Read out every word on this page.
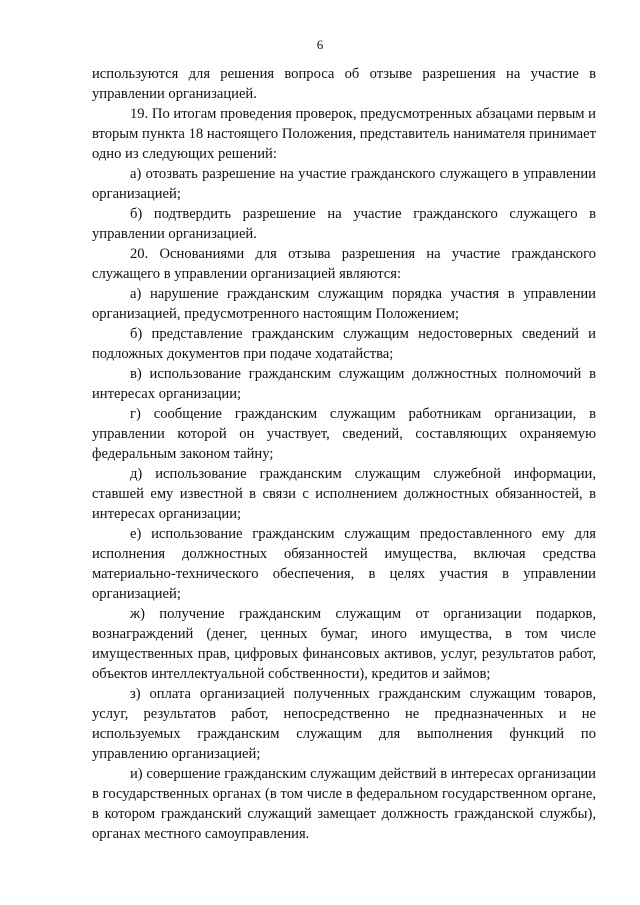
6

используются для решения вопроса об отзыве разрешения на участие в управлении организацией.

19. По итогам проведения проверок, предусмотренных абзацами первым и вторым пункта 18 настоящего Положения, представитель нанимателя принимает одно из следующих решений:

а) отозвать разрешение на участие гражданского служащего в управлении организацией;

б) подтвердить разрешение на участие гражданского служащего в управлении организацией.

20. Основаниями для отзыва разрешения на участие гражданского служащего в управлении организацией являются:

а) нарушение гражданским служащим порядка участия в управлении организацией, предусмотренного настоящим Положением;

б) представление гражданским служащим недостоверных сведений и подложных документов при подаче ходатайства;

в) использование гражданским служащим должностных полномочий в интересах организации;

г) сообщение гражданским служащим работникам организации, в управлении которой он участвует, сведений, составляющих охраняемую федеральным законом тайну;

д) использование гражданским служащим служебной информации, ставшей ему известной в связи с исполнением должностных обязанностей, в интересах организации;

е) использование гражданским служащим предоставленного ему для исполнения должностных обязанностей имущества, включая средства материально-технического обеспечения, в целях участия в управлении организацией;

ж) получение гражданским служащим от организации подарков, вознаграждений (денег, ценных бумаг, иного имущества, в том числе имущественных прав, цифровых финансовых активов, услуг, результатов работ, объектов интеллектуальной собственности), кредитов и займов;

з) оплата организацией полученных гражданским служащим товаров, услуг, результатов работ, непосредственно не предназначенных и не используемых гражданским служащим для выполнения функций по управлению организацией;

и) совершение гражданским служащим действий в интересах организации в государственных органах (в том числе в федеральном государственном органе, в котором гражданский служащий замещает должность гражданской службы), органах местного самоуправления.
